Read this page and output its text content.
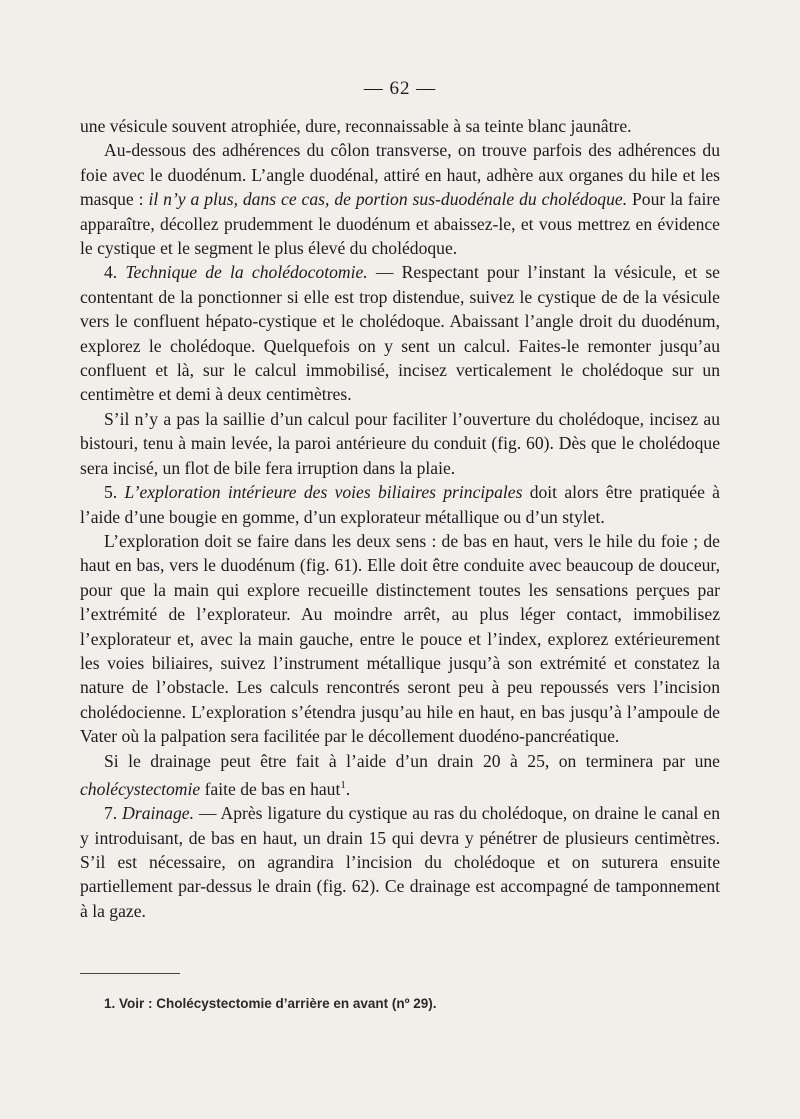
— 62 —

une vésicule souvent atrophiée, dure, reconnaissable à sa teinte blanc jaunâtre.

Au-dessous des adhérences du côlon transverse, on trouve parfois des adhérences du foie avec le duodénum. L’angle duodénal, attiré en haut, adhère aux organes du hile et les masque : il n’y a plus, dans ce cas, de portion sus-duodénale du cholédoque. Pour la faire apparaître, décollez prudemment le duodénum et abaissez-le, et vous mettrez en évidence le cystique et le segment le plus élevé du cholédoque.

4. Technique de la cholédocotomie. — Respectant pour l’instant la vésicule, et se contentant de la ponctionner si elle est trop distendue, suivez le cystique de de la vésicule vers le confluent hépato-cystique et le cholédoque. Abaissant l’angle droit du duodénum, explorez le cholédoque. Quelquefois on y sent un calcul. Faites-le remonter jusqu’au confluent et là, sur le calcul immobilisé, incisez verticalement le cholédoque sur un centimètre et demi à deux centimètres.

S’il n’y a pas la saillie d’un calcul pour faciliter l’ouverture du cholédoque, incisez au bistouri, tenu à main levée, la paroi antérieure du conduit (fig. 60). Dès que le cholédoque sera incisé, un flot de bile fera irruption dans la plaie.

5. L’exploration intérieure des voies biliaires principales doit alors être pratiquée à l’aide d’une bougie en gomme, d’un explorateur métallique ou d’un stylet.

L’exploration doit se faire dans les deux sens : de bas en haut, vers le hile du foie ; de haut en bas, vers le duodénum (fig. 61). Elle doit être conduite avec beaucoup de douceur, pour que la main qui explore recueille distinctement toutes les sensations perçues par l’extrémité de l’explorateur. Au moindre arrêt, au plus léger contact, immobilisez l’explorateur et, avec la main gauche, entre le pouce et l’index, explorez extérieurement les voies biliaires, suivez l’instrument métallique jusqu’à son extrémité et constatez la nature de l’obstacle. Les calculs rencontrés seront peu à peu repoussés vers l’incision cholédocienne. L’exploration s’étendra jusqu’au hile en haut, en bas jusqu’à l’ampoule de Vater où la palpation sera facilitée par le décollement duodéno-pancréatique.

Si le drainage peut être fait à l’aide d’un drain 20 à 25, on terminera par une cholécystectomie faite de bas en haut$^1$.

7. Drainage. — Après ligature du cystique au ras du cholédoque, on draine le canal en y introduisant, de bas en haut, un drain 15 qui devra y pénétrer de plusieurs centimètres. S’il est nécessaire, on agrandira l’incision du cholédoque et on suturera ensuite partiellement par-dessus le drain (fig. 62). Ce drainage est accompagné de tamponnement à la gaze.

1. Voir : Cholécystectomie d’arrière en avant (nº 29).
